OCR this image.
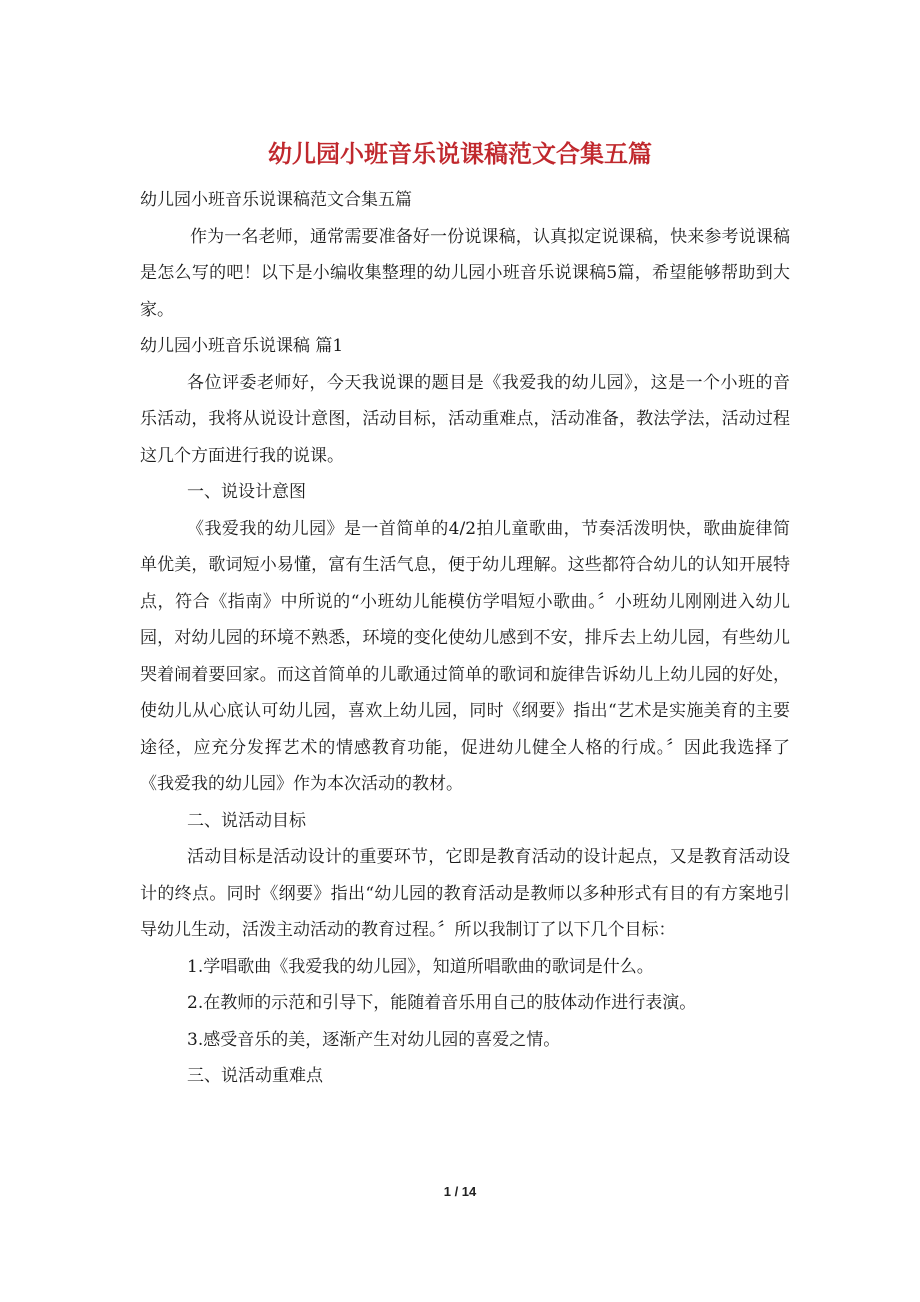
幼儿园小班音乐说课稿范文合集五篇

幼儿园小班音乐说课稿范文合集五篇

作为一名老师，通常需要准备好一份说课稿，认真拟定说课稿，快来参考说课稿是怎么写的吧！以下是小编收集整理的幼儿园小班音乐说课稿5篇，希望能够帮助到大家。

幼儿园小班音乐说课稿 篇1

各位评委老师好，今天我说课的题目是《我爱我的幼儿园》，这是一个小班的音乐活动，我将从说设计意图，活动目标，活动重难点，活动准备，教法学法，活动过程这几个方面进行我的说课。

一、说设计意图

《我爱我的幼儿园》是一首简单的4/2拍儿童歌曲，节奏活泼明快，歌曲旋律简单优美，歌词短小易懂，富有生活气息，便于幼儿理解。这些都符合幼儿的认知开展特点，符合《指南》中所说的“小班幼儿能模仿学唱短小歌曲。〞小班幼儿刚刚进入幼儿园，对幼儿园的环境不熟悉，环境的变化使幼儿感到不安，排斥去上幼儿园，有些幼儿哭着闹着要回家。而这首简单的儿歌通过简单的歌词和旋律告诉幼儿上幼儿园的好处，使幼儿从心底认可幼儿园，喜欢上幼儿园，同时《纲要》指出“艺术是实施美育的主要途径，应充分发挥艺术的情感教育功能，促进幼儿健全人格的行成。〞因此我选择了《我爱我的幼儿园》作为本次活动的教材。

二、说活动目标

活动目标是活动设计的重要环节，它即是教育活动的设计起点，又是教育活动设计的终点。同时《纲要》指出“幼儿园的教育活动是教师以多种形式有目的有方案地引导幼儿生动，活泼主动活动的教育过程。〞所以我制订了以下几个目标：

1.学唱歌曲《我爱我的幼儿园》，知道所唱歌曲的歌词是什么。

2.在教师的示范和引导下，能随着音乐用自己的肢体动作进行表演。

3.感受音乐的美，逐渐产生对幼儿园的喜爱之情。

三、说活动重难点

1 / 14
